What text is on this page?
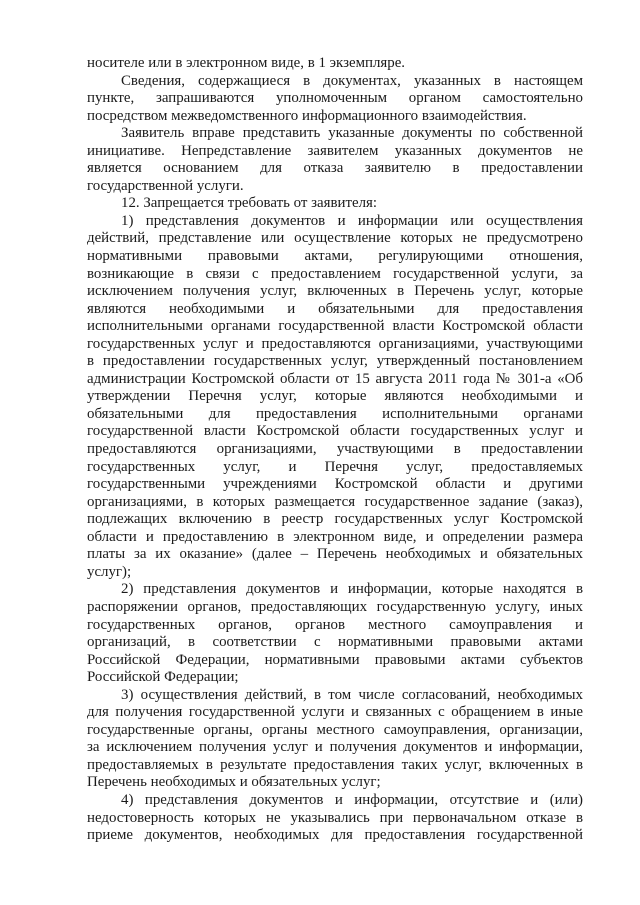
носителе или в электронном виде, в 1 экземпляре.
Сведения, содержащиеся в документах, указанных в настоящем
пункте, запрашиваются уполномоченным органом самостоятельно
посредством межведомственного информационного взаимодействия.
Заявитель вправе представить указанные документы по собственной
инициативе. Непредставление заявителем указанных документов не
является основанием для отказа заявителю в предоставлении
государственной услуги.
12. Запрещается требовать от заявителя:
1) представления документов и информации или осуществления
действий, представление или осуществление которых не предусмотрено
нормативными правовыми актами, регулирующими отношения,
возникающие в связи с предоставлением государственной услуги, за
исключением получения услуг, включенных в Перечень услуг, которые
являются необходимыми и обязательными для предоставления
исполнительными органами государственной власти Костромской области
государственных услуг и предоставляются организациями, участвующими
в предоставлении государственных услуг, утвержденный постановлением
администрации Костромской области от 15 августа 2011 года № 301-а «Об
утверждении Перечня услуг, которые являются необходимыми и
обязательными для предоставления исполнительными органами
государственной власти Костромской области государственных услуг и
предоставляются организациями, участвующими в предоставлении
государственных услуг, и Перечня услуг, предоставляемых
государственными учреждениями Костромской области и другими
организациями, в которых размещается государственное задание (заказ),
подлежащих включению в реестр государственных услуг Костромской
области и предоставлению в электронном виде, и определении размера
платы за их оказание» (далее – Перечень необходимых и обязательных
услуг);
2) представления документов и информации, которые находятся в
распоряжении органов, предоставляющих государственную услугу, иных
государственных органов, органов местного самоуправления и
организаций, в соответствии с нормативными правовыми актами
Российской Федерации, нормативными правовыми актами субъектов
Российской Федерации;
3) осуществления действий, в том числе согласований, необходимых
для получения государственной услуги и связанных с обращением в иные
государственные органы, органы местного самоуправления, организации,
за исключением получения услуг и получения документов и информации,
предоставляемых в результате предоставления таких услуг, включенных в
Перечень необходимых и обязательных услуг;
4) представления документов и информации, отсутствие и (или)
недостоверность которых не указывались при первоначальном отказе в
приеме документов, необходимых для предоставления государственной
